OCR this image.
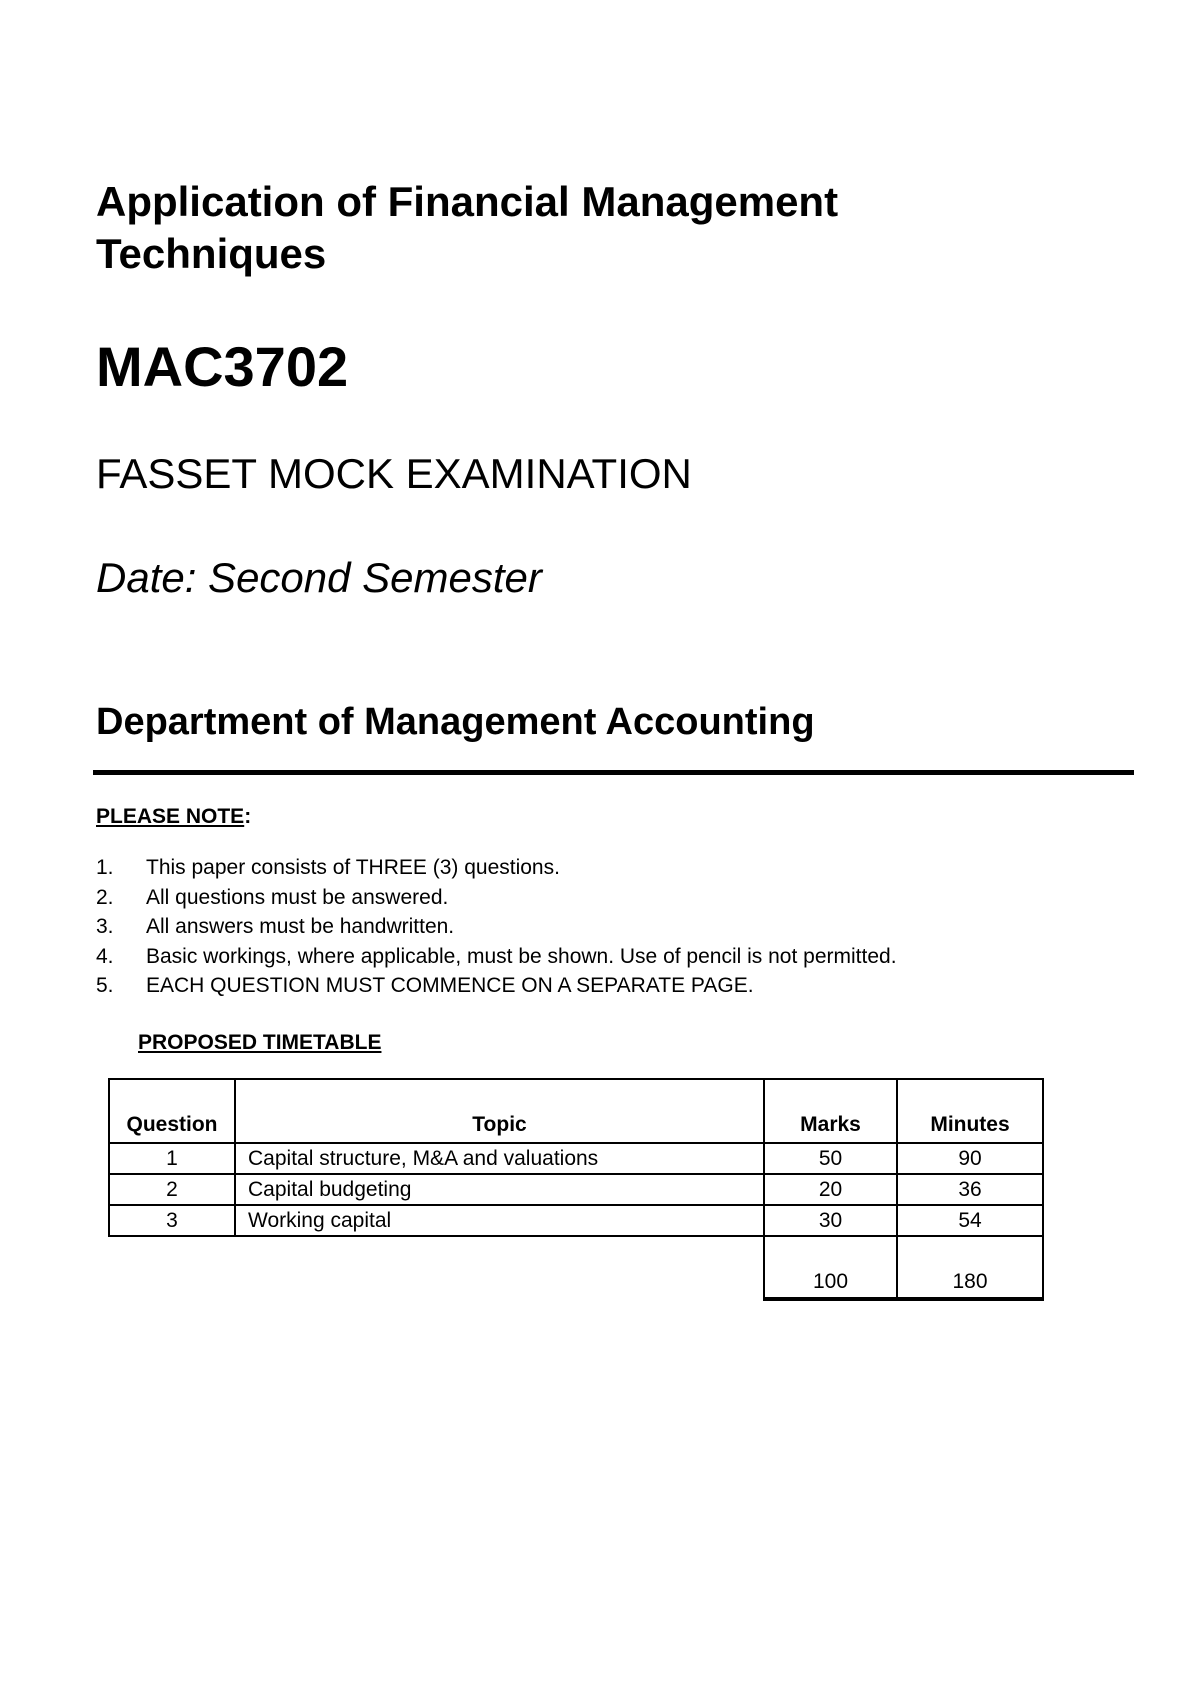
Application of Financial Management Techniques
MAC3702
FASSET MOCK EXAMINATION
Date: Second Semester
Department of Management Accounting
PLEASE NOTE:
1. This paper consists of THREE (3) questions.
2. All questions must be answered.
3. All answers must be handwritten.
4. Basic workings, where applicable, must be shown. Use of pencil is not permitted.
5. EACH QUESTION MUST COMMENCE ON A SEPARATE PAGE.
PROPOSED TIMETABLE
Question	Topic	Marks	Minutes
1	Capital structure, M&A and valuations	50	90
2	Capital budgeting	20	36
3	Working capital	30	54
		100	180
